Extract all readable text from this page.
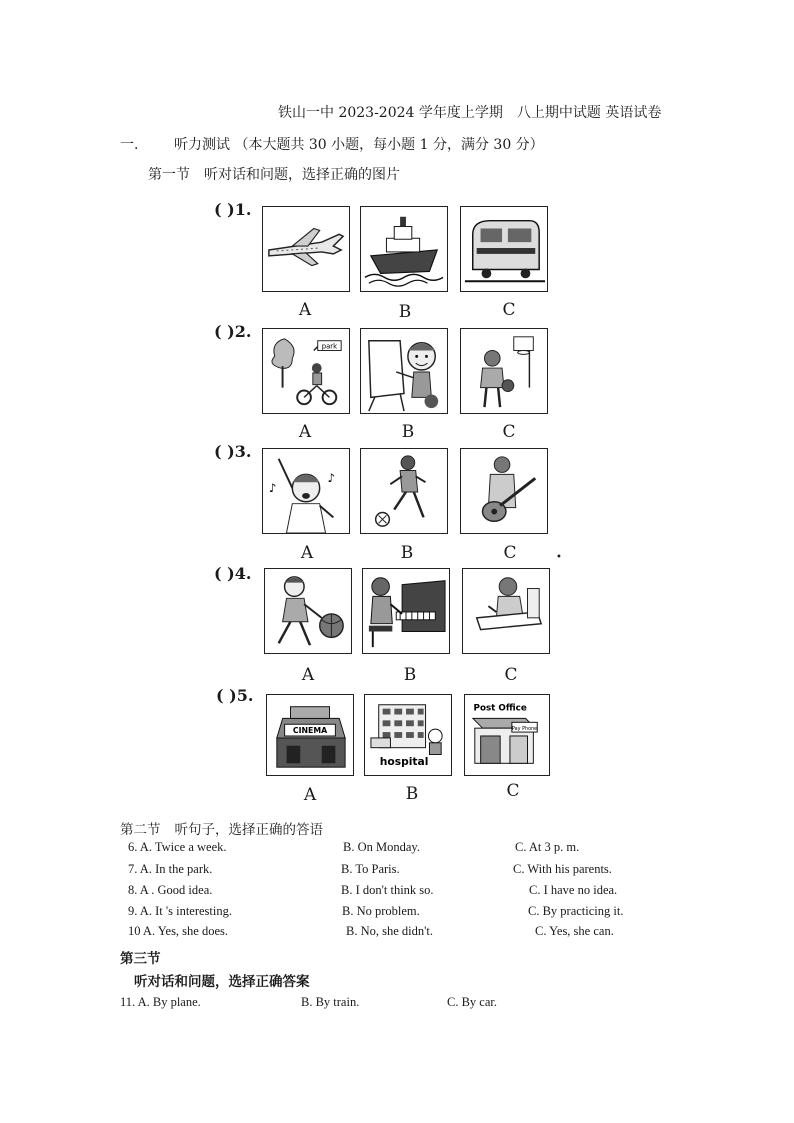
铁山一中 2023-2024 学年度上学期　八上期中试题 英语试卷
一.	听力测试 （本大题共 30 小题，每小题 1 分，满分 30 分）
第一节 听对话和问题，选择正确的图片
( )1.
A	B	C
( )2.
park
A	B	C
( )3.
♪
♪
A	B	C	•
( )4.
A	B	C
( )5.
CINEMA
hospital
Post Office
Pay Phone
A	B	C
第二节 听句子，选择正确的答语
6. A. Twice a week.	B. On Monday.	C. At 3 p. m.
7. A. In the park.	B. To Paris.	C. With his parents.
8. A . Good idea.	B. I don't think so.	C. I have no idea.
9. A. It 's interesting.	B. No problem.	C. By practicing it.
10 A. Yes, she does.	B. No, she didn't.	C. Yes, she can.
第三节
听对话和问题，选择正确答案
11. A. By plane.	B. By train.	C. By car.
